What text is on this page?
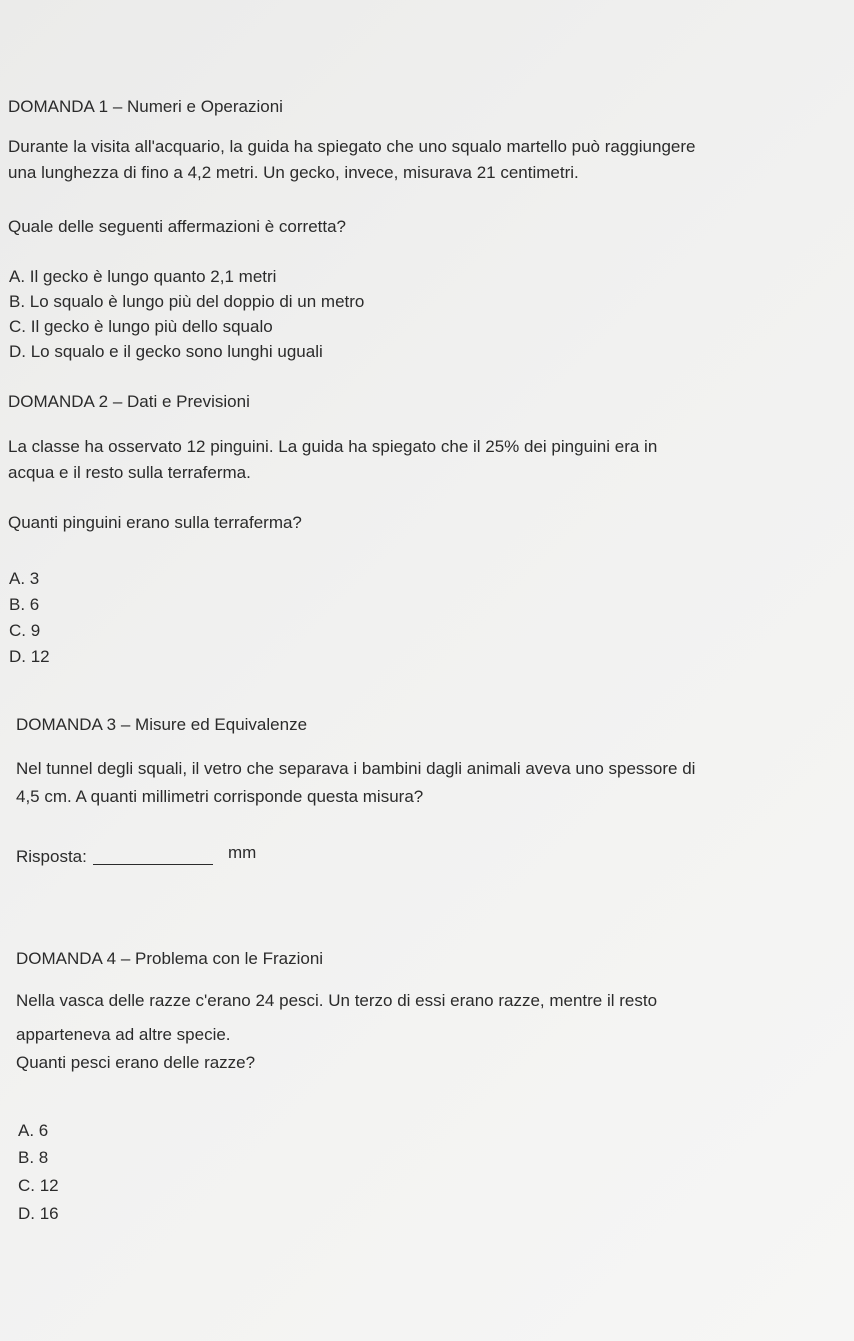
DOMANDA 1 – Numeri e Operazioni
Durante la visita all'acquario, la guida ha spiegato che uno squalo martello può raggiungere
una lunghezza di fino a 4,2 metri. Un gecko, invece, misurava 21 centimetri.
Quale delle seguenti affermazioni è corretta?
A. Il gecko è lungo quanto 2,1 metri
B. Lo squalo è lungo più del doppio di un metro
C. Il gecko è lungo più dello squalo
D. Lo squalo e il gecko sono lunghi uguali
DOMANDA 2 – Dati e Previsioni
La classe ha osservato 12 pinguini. La guida ha spiegato che il 25% dei pinguini era in
acqua e il resto sulla terraferma.
Quanti pinguini erano sulla terraferma?
A. 3
B. 6
C. 9
D. 12
DOMANDA 3 – Misure ed Equivalenze
Nel tunnel degli squali, il vetro che separava i bambini dagli animali aveva uno spessore di
4,5 cm. A quanti millimetri corrisponde questa misura?
Risposta:	mm
DOMANDA 4 – Problema con le Frazioni
Nella vasca delle razze c'erano 24 pesci. Un terzo di essi erano razze, mentre il resto
apparteneva ad altre specie.
Quanti pesci erano delle razze?
A. 6
B. 8
C. 12
D. 16
